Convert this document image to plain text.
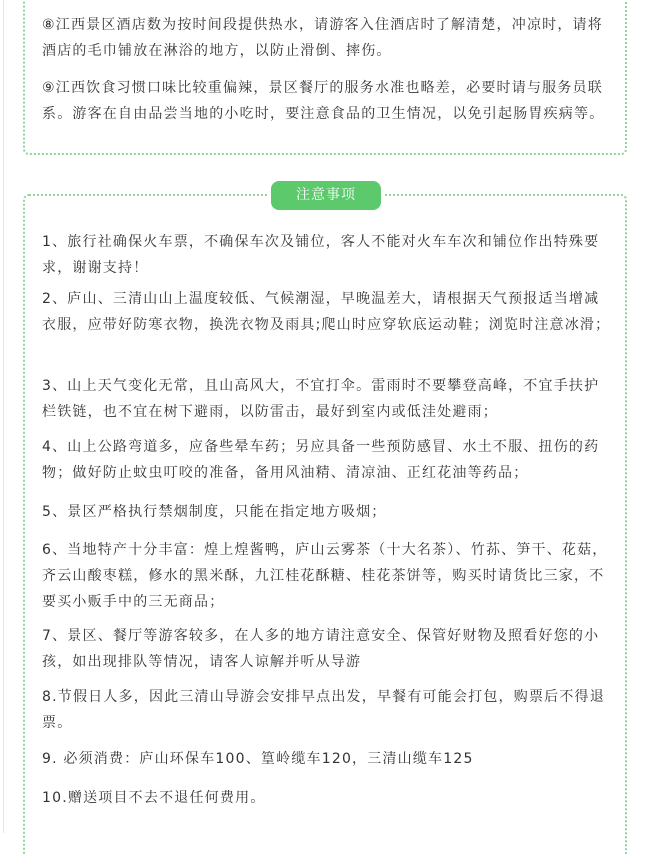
⑧江西景区酒店数为按时间段提供热水，请游客入住酒店时了解清楚，冲凉时，请将酒店的毛巾铺放在淋浴的地方，以防止滑倒、摔伤。

⑨江西饮食习惯口味比较重偏辣，景区餐厅的服务水准也略差，必要时请与服务员联系。游客在自由品尝当地的小吃时，要注意食品的卫生情况，以免引起肠胃疾病等。

注意事项

1、旅行社确保火车票，不确保车次及铺位，客人不能对火车车次和铺位作出特殊要求，谢谢支持！

2、庐山、三清山山上温度较低、气候潮湿，早晚温差大，请根据天气预报适当增减衣服，应带好防寒衣物，换洗衣物及雨具;爬山时应穿软底运动鞋；浏览时注意冰滑；

3、山上天气变化无常，且山高风大，不宜打伞。雷雨时不要攀登高峰，不宜手扶护栏铁链，也不宜在树下避雨，以防雷击，最好到室内或低洼处避雨；

4、山上公路弯道多，应备些晕车药；另应具备一些预防感冒、水土不服、扭伤的药物；做好防止蚊虫叮咬的准备，备用风油精、清凉油、正红花油等药品；

5、景区严格执行禁烟制度，只能在指定地方吸烟；

6、当地特产十分丰富：煌上煌酱鸭，庐山云雾茶（十大名茶）、竹荪、笋干、花菇，齐云山酸枣糕，修水的黑米酥，九江桂花酥糖、桂花茶饼等，购买时请货比三家，不要买小贩手中的三无商品；

7、景区、餐厅等游客较多，在人多的地方请注意安全、保管好财物及照看好您的小孩，如出现排队等情况，请客人谅解并听从导游

8.节假日人多，因此三清山导游会安排早点出发，早餐有可能会打包，购票后不得退票。

9. 必须消费：庐山环保车100、篁岭缆车120，三清山缆车125

10.赠送项目不去不退任何费用。
